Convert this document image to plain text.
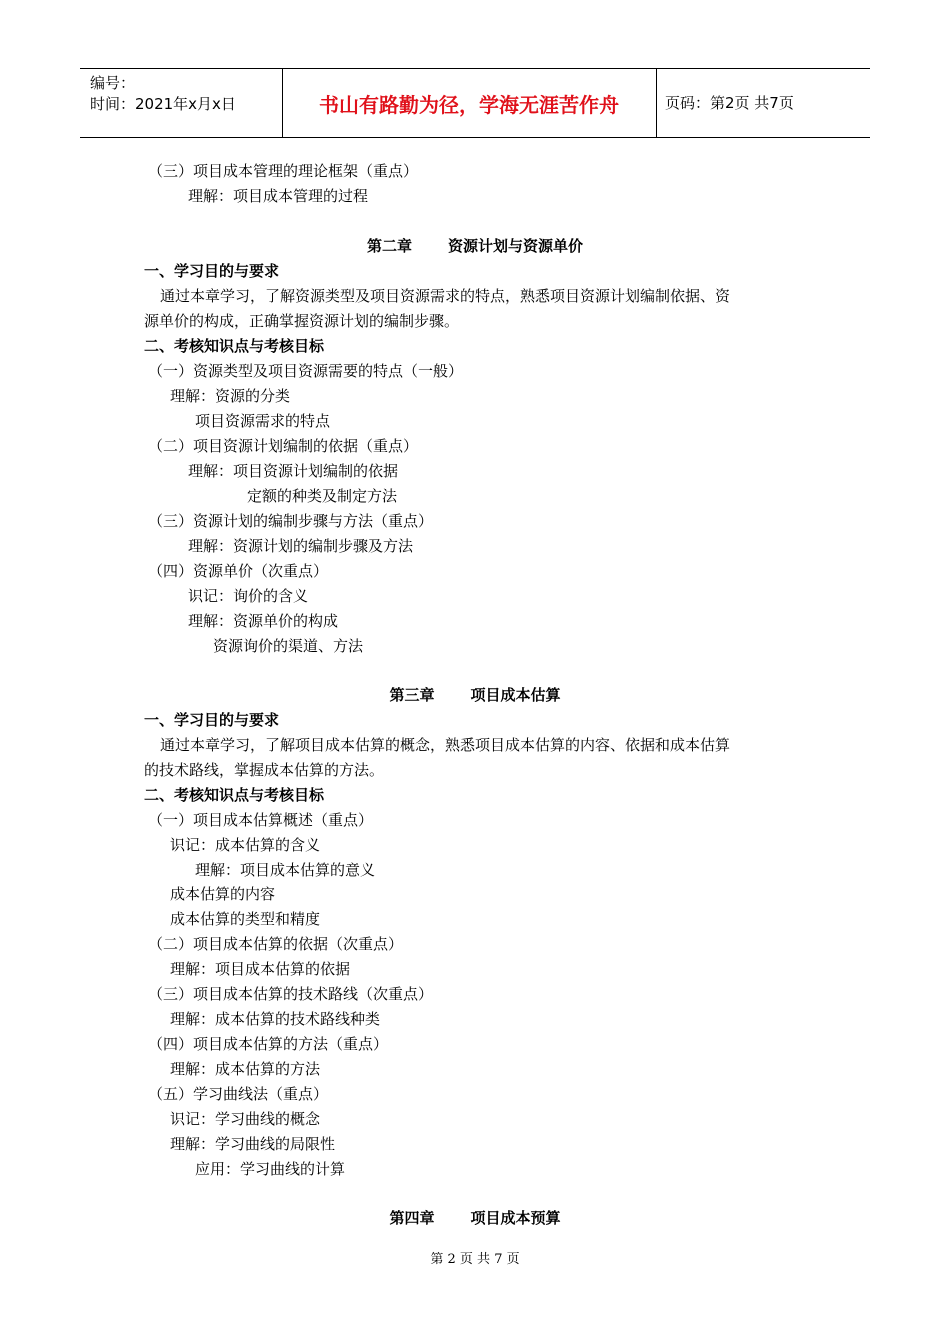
编号：
时间：2021年x月x日	书山有路勤为径，学海无涯苦作舟	页码：第2页 共7页
（三）项目成本管理的理论框架（重点）
理解：项目成本管理的过程
第二章 资源计划与资源单价
一、学习目的与要求
通过本章学习，了解资源类型及项目资源需求的特点，熟悉项目资源计划编制依据、资
源单价的构成，正确掌握资源计划的编制步骤。
二、考核知识点与考核目标
（一）资源类型及项目资源需要的特点（一般）
理解：资源的分类
项目资源需求的特点
（二）项目资源计划编制的依据（重点）
理解：项目资源计划编制的依据
定额的种类及制定方法
（三）资源计划的编制步骤与方法（重点）
理解：资源计划的编制步骤及方法
（四）资源单价（次重点）
识记：询价的含义
理解：资源单价的构成
资源询价的渠道、方法
第三章 项目成本估算
一、学习目的与要求
通过本章学习，了解项目成本估算的概念，熟悉项目成本估算的内容、依据和成本估算
的技术路线，掌握成本估算的方法。
二、考核知识点与考核目标
（一）项目成本估算概述（重点）
识记：成本估算的含义
理解：项目成本估算的意义
成本估算的内容
成本估算的类型和精度
（二）项目成本估算的依据（次重点）
理解：项目成本估算的依据
（三）项目成本估算的技术路线（次重点）
理解：成本估算的技术路线种类
（四）项目成本估算的方法（重点）
理解：成本估算的方法
（五）学习曲线法（重点）
识记：学习曲线的概念
理解：学习曲线的局限性
应用：学习曲线的计算
第四章 项目成本预算
第 2 页 共 7 页
